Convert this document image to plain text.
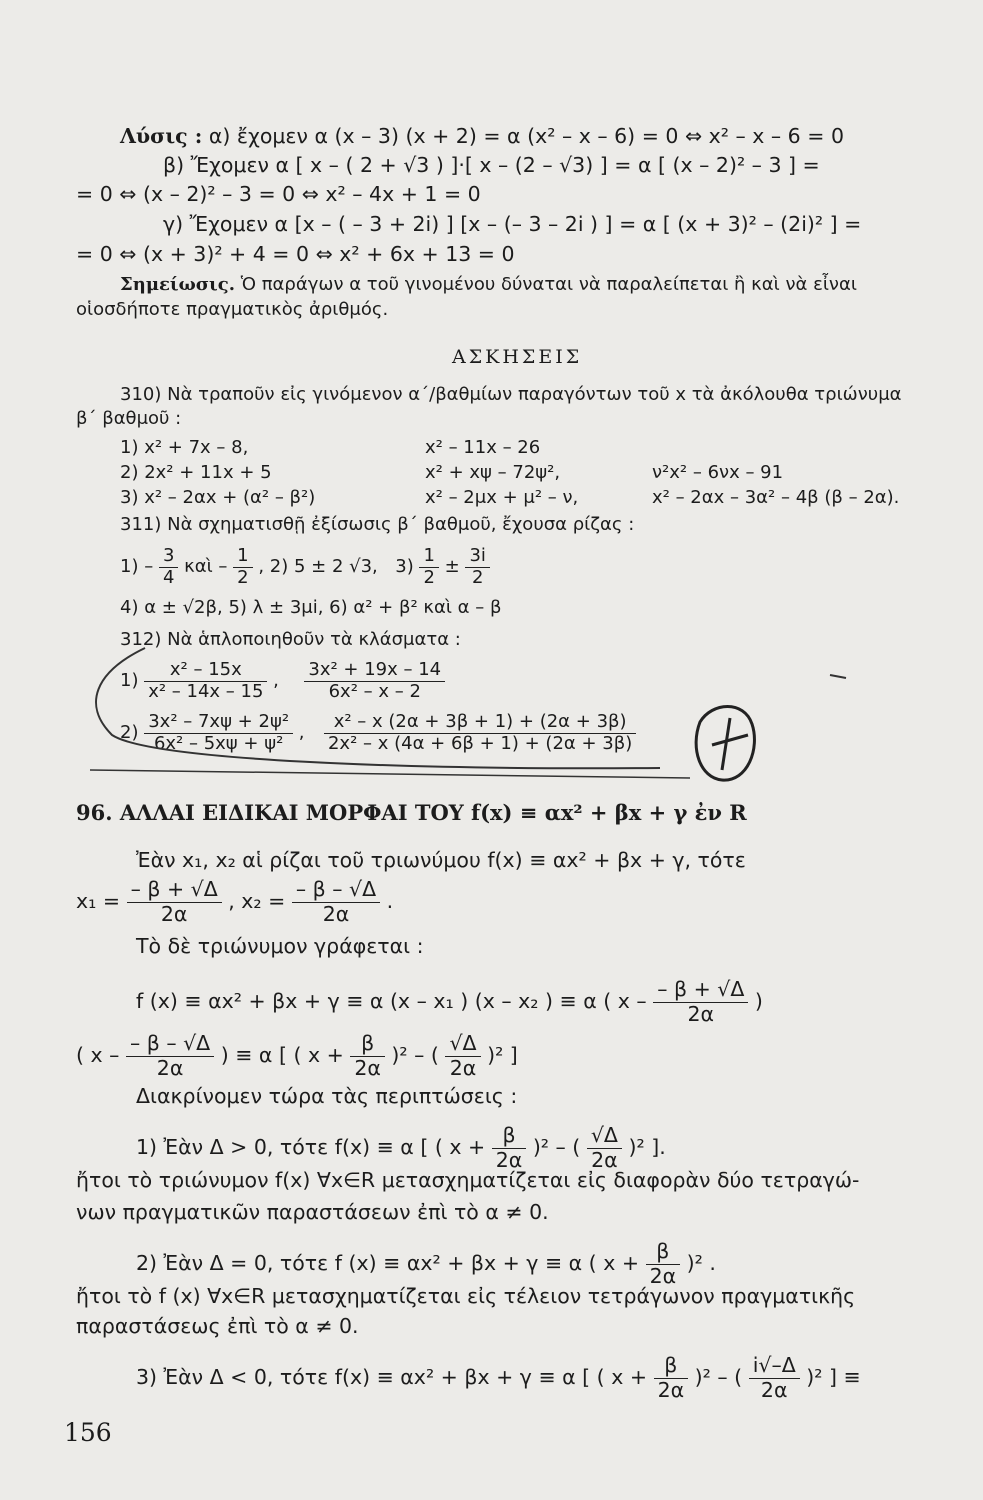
Λύσις : α) ἔχομεν α (x – 3) (x + 2) = α (x² – x – 6) = 0 ⇔ x² – x – 6 = 0
β) Ἔχομεν α [ x – ( 2 + √3 ) ]·[ x – (2 – √3) ] = α [ (x – 2)² – 3 ] =
= 0 ⇔ (x – 2)² – 3 = 0 ⇔ x² – 4x + 1 = 0
γ) Ἔχομεν α [x – ( – 3 + 2i) ] [x – (– 3 – 2i ) ] = α [ (x + 3)² – (2i)² ] =
= 0 ⇔ (x + 3)² + 4 = 0 ⇔ x² + 6x + 13 = 0
Σημείωσις. Ὁ παράγων α τοῦ γινομένου δύναται νὰ παραλείπεται ἢ καὶ νὰ εἶναι
οἱοσδήποτε πραγματικὸς ἀριθμός.
ΑΣΚΗΣΕΙΣ
310) Νὰ τραποῦν εἰς γινόμενον α΄/βαθμίων παραγόντων τοῦ x τὰ ἀκόλουθα τριώνυμα
β΄ βαθμοῦ :
1) x² + 7x – 8,	x² – 11x – 26
2) 2x² + 11x + 5	x² + xψ – 72ψ²,	ν²x² – 6νx – 91
3) x² – 2αx + (α² – β²)	x² – 2μx + μ² – ν,	x² – 2αx – 3α² – 4β (β – 2α).
311) Νὰ σχηματισθῇ ἐξίσωσις β΄ βαθμοῦ, ἔχουσα ρίζας :
$1) - \frac{3}{4}$ καὶ – $\frac{1}{2}$ , 2) 5 ± 2 √3, $3) \frac{1}{2} \pm \frac{3i}{2}$
4) α ± √2β, 5) λ ± 3μi, 6) α² + β² καὶ α – β
312) Νὰ ἁπλοποιηθοῦν τὰ κλάσματα :
$1) \frac{\text{x² – 15x}}{\text{x² – 14x – 15}}$ , $\frac{\text{3x² + 19x – 14}}{\text{6x² – x – 2}}$
$2) \frac{\text{3x² – 7xψ + 2ψ²}}{\text{6x² – 5xψ + ψ²}}$ , $\frac{\text{x² – x (2α + 3β + 1) + (2α + 3β)}}{\text{2x² – x (4α + 6β + 1) + (2α + 3β)}}$
96. ΑΛΛΑΙ ΕΙΔΙΚΑΙ ΜΟΡΦΑΙ ΤΟΥ f(x) ≡ αx² + βx + γ ἐν R
Ἐὰν x₁, x₂ αἱ ρίζαι τοῦ τριωνύμου f(x) ≡ αx² + βx + γ, τότε
$x_1 = \frac{- \beta + √\Delta}{2\alpha}$ , $x_2 = \frac{- \beta - √\Delta}{2\alpha}$ .
Τὸ δὲ τριώνυμον γράφεται :
f (x) ≡ αx² + βx + γ ≡ α (x – x₁ ) (x – x₂ ) ≡ α ( x – $\frac{- \beta + √\Delta}{2\alpha}$ )
( x – $\frac{- \beta - √\Delta}{2\alpha}$ ) ≡ α [ ( $x + \frac{\beta}{2\alpha} )^2$ – ( $\frac{√\Delta}{2\alpha} )^2$ ]
Διακρίνομεν τώρα τὰς περιπτώσεις :
1) Ἐὰν Δ > 0, τότε f(x) ≡ α [ ( $x + \frac{\beta}{2\alpha} )^2$ – ( $\frac{√\Delta}{2\alpha} )^2$ ].
ἤτοι τὸ τριώνυμον f(x) ∀x∈R μετασχηματίζεται εἰς διαφορὰν δύο τετραγώ-
νων πραγματικῶν παραστάσεων ἐπὶ τὸ α ≠ 0.
2) Ἐὰν Δ = 0, τότε f (x) ≡ αx² + βx + γ ≡ α ( $x + \frac{\beta}{2\alpha} )^2$ .
ἤτοι τὸ f (x) ∀x∈R μετασχηματίζεται εἰς τέλειον τετράγωνον πραγματικῆς
παραστάσεως ἐπὶ τὸ α ≠ 0.
3) Ἐὰν Δ < 0, τότε f(x) ≡ αx² + βx + γ ≡ α [ ( $x + \frac{\beta}{2\alpha} )^2$ – ( $\frac{i√-\Delta}{2\alpha} )^2$ ] ≡
156
